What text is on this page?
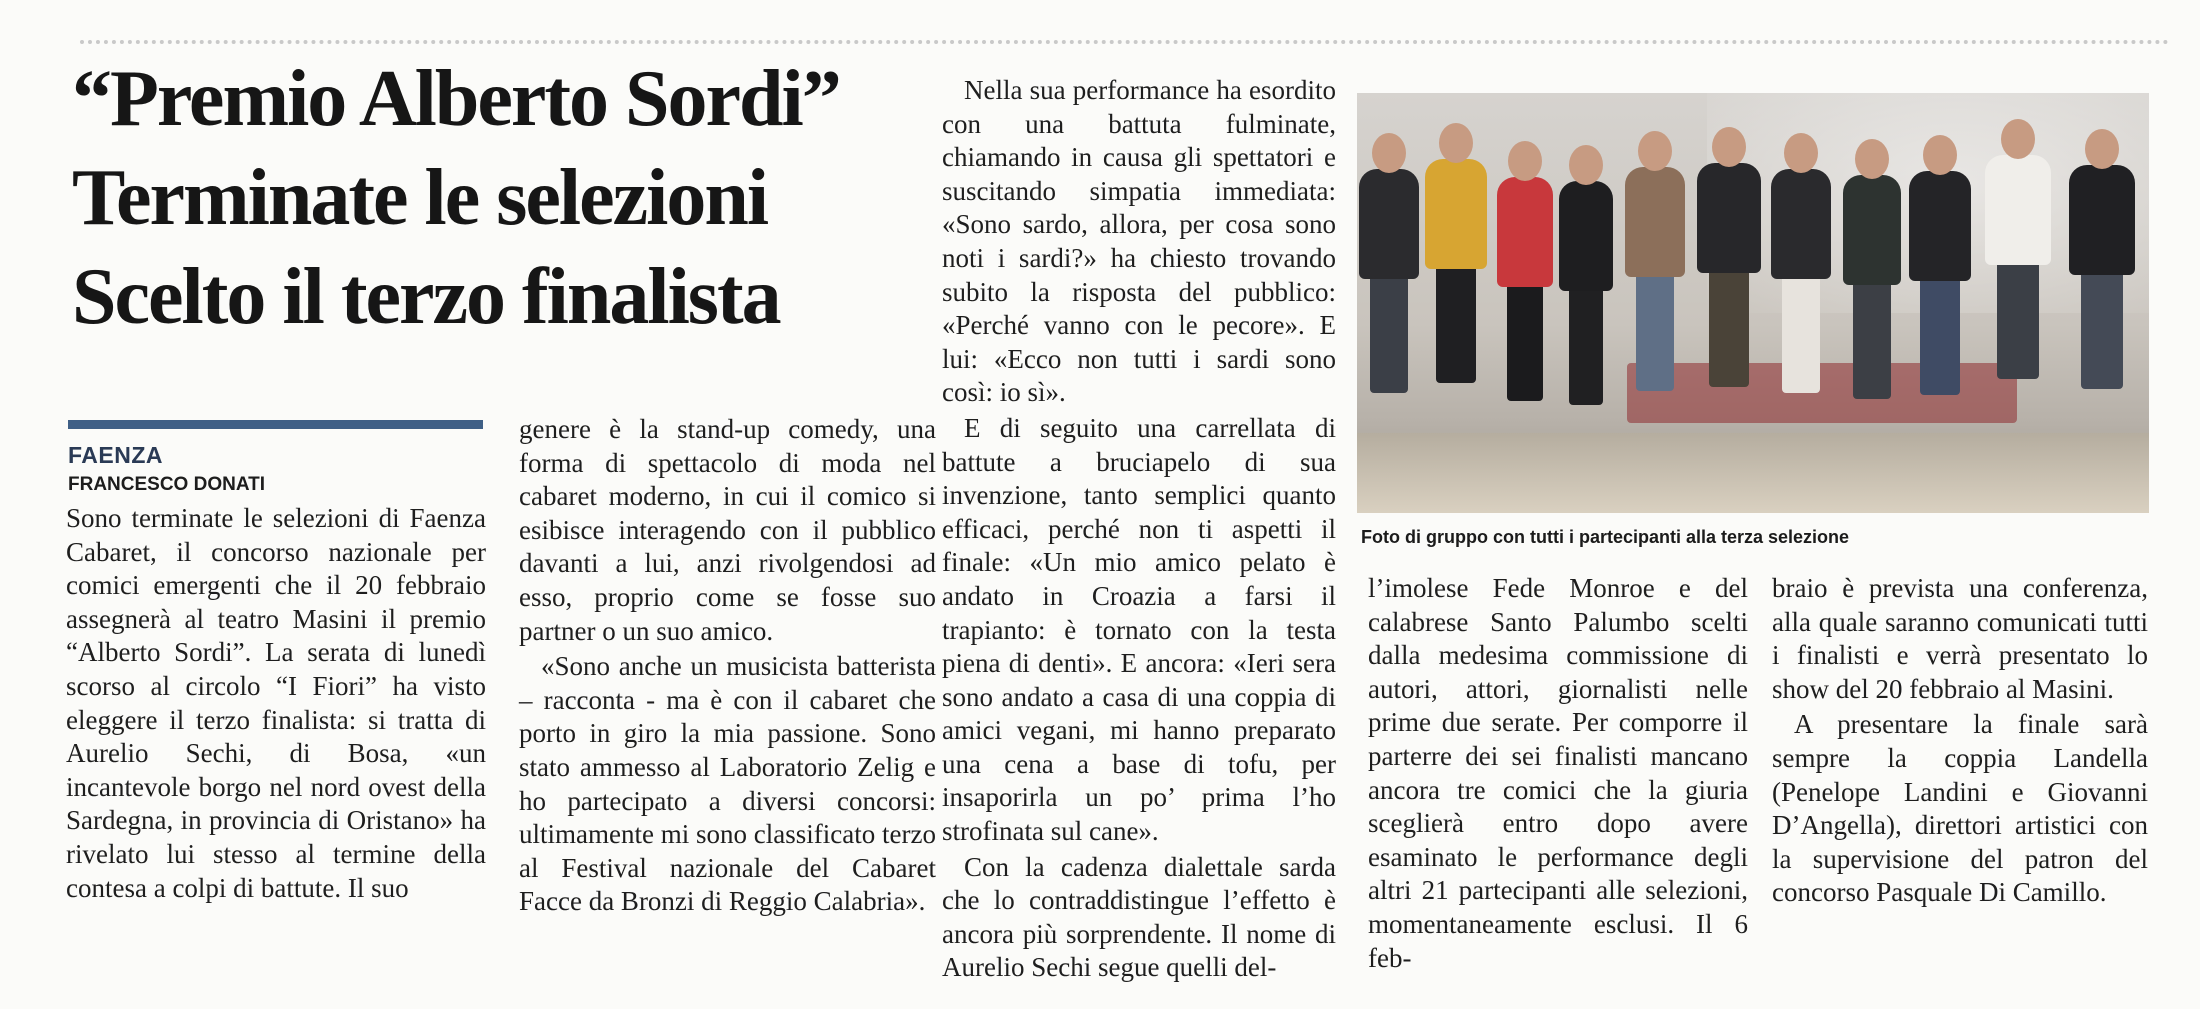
“Premio Alberto Sordi”
Terminate le selezioni
Scelto il terzo finalista
FAENZA
FRANCESCO DONATI

Sono terminate le selezioni di Faenza Cabaret, il concorso nazionale per comici emergenti che il 20 febbraio assegnerà al teatro Masini il premio “Alberto Sordi”. La serata di lunedì scorso al circolo “I Fiori” ha visto eleggere il terzo finalista: si tratta di Aurelio Sechi, di Bosa, «un incantevole borgo nel nord ovest della Sardegna, in provincia di Oristano» ha rivelato lui stesso al termine della contesa a colpi di battute. Il suo

genere è la stand-up comedy, una forma di spettacolo di moda nel cabaret moderno, in cui il comico si esibisce interagendo con il pubblico davanti a lui, anzi rivolgendosi ad esso, proprio come se fosse suo partner o un suo amico.

«Sono anche un musicista batterista – racconta - ma è con il cabaret che porto in giro la mia passione. Sono stato ammesso al Laboratorio Zelig e ho partecipato a diversi concorsi: ultimamente mi sono classificato terzo al Festival nazionale del Cabaret Facce da Bronzi di Reggio Calabria».

Nella sua performance ha esordito con una battuta fulminate, chiamando in causa gli spettatori e suscitando simpatia immediata: «Sono sardo, allora, per cosa sono noti i sardi?» ha chiesto trovando subito la risposta del pubblico: «Perché vanno con le pecore». E lui: «Ecco non tutti i sardi sono così: io sì».

E di seguito una carrellata di battute a bruciapelo di sua invenzione, tanto semplici quanto efficaci, perché non ti aspetti il finale: «Un mio amico pelato è andato in Croazia a farsi il trapianto: è tornato con la testa piena di denti». E ancora: «Ieri sera sono andato a casa di una coppia di amici vegani, mi hanno preparato una cena a base di tofu, per insaporirla un po’ prima l’ho strofinata sul cane».

Con la cadenza dialettale sarda che lo contraddistingue l’effetto è ancora più sorprendente. Il nome di Aurelio Sechi segue quelli del-

Foto di gruppo con tutti i partecipanti alla terza selezione

l’imolese Fede Monroe e del calabrese Santo Palumbo scelti dalla medesima commissione di autori, attori, giornalisti nelle prime due serate. Per comporre il parterre dei sei finalisti mancano ancora tre comici che la giuria sceglierà entro dopo avere esaminato le performance degli altri 21 partecipanti alle selezioni, momentaneamente esclusi. Il 6 feb-

braio è prevista una conferenza, alla quale saranno comunicati tutti i finalisti e verrà presentato lo show del 20 febbraio al Masini.

A presentare la finale sarà sempre la coppia Landella (Penelope Landini e Giovanni D’Angella), direttori artistici con la supervisione del patron del concorso Pasquale Di Camillo.
